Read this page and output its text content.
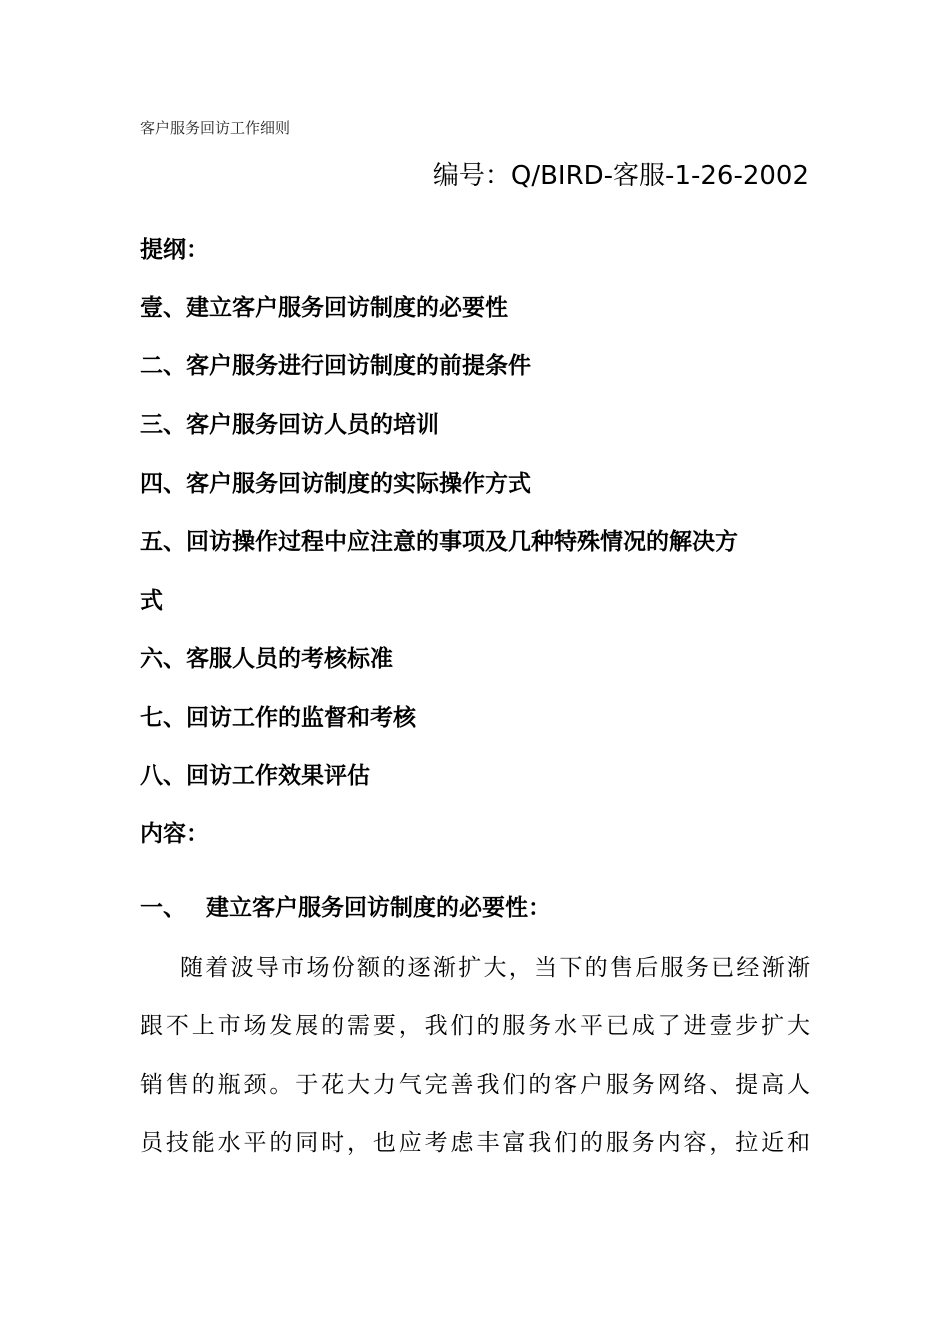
客户服务回访工作细则
编号：Q/BIRD-客服-1-26-2002
提纲：
壹、建立客户服务回访制度的必要性
二、客户服务进行回访制度的前提条件
三、客户服务回访人员的培训
四、客户服务回访制度的实际操作方式
五、回访操作过程中应注意的事项及几种特殊情况的解决方
式
六、客服人员的考核标准
七、回访工作的监督和考核
八、回访工作效果评估
内容：
一、 建立客户服务回访制度的必要性：
随着波导市场份额的逐渐扩大，当下的售后服务已经渐渐
跟不上市场发展的需要，我们的服务水平已成了进壹步扩大
销售的瓶颈。于花大力气完善我们的客户服务网络、提高人
员技能水平的同时，也应考虑丰富我们的服务内容，拉近和
